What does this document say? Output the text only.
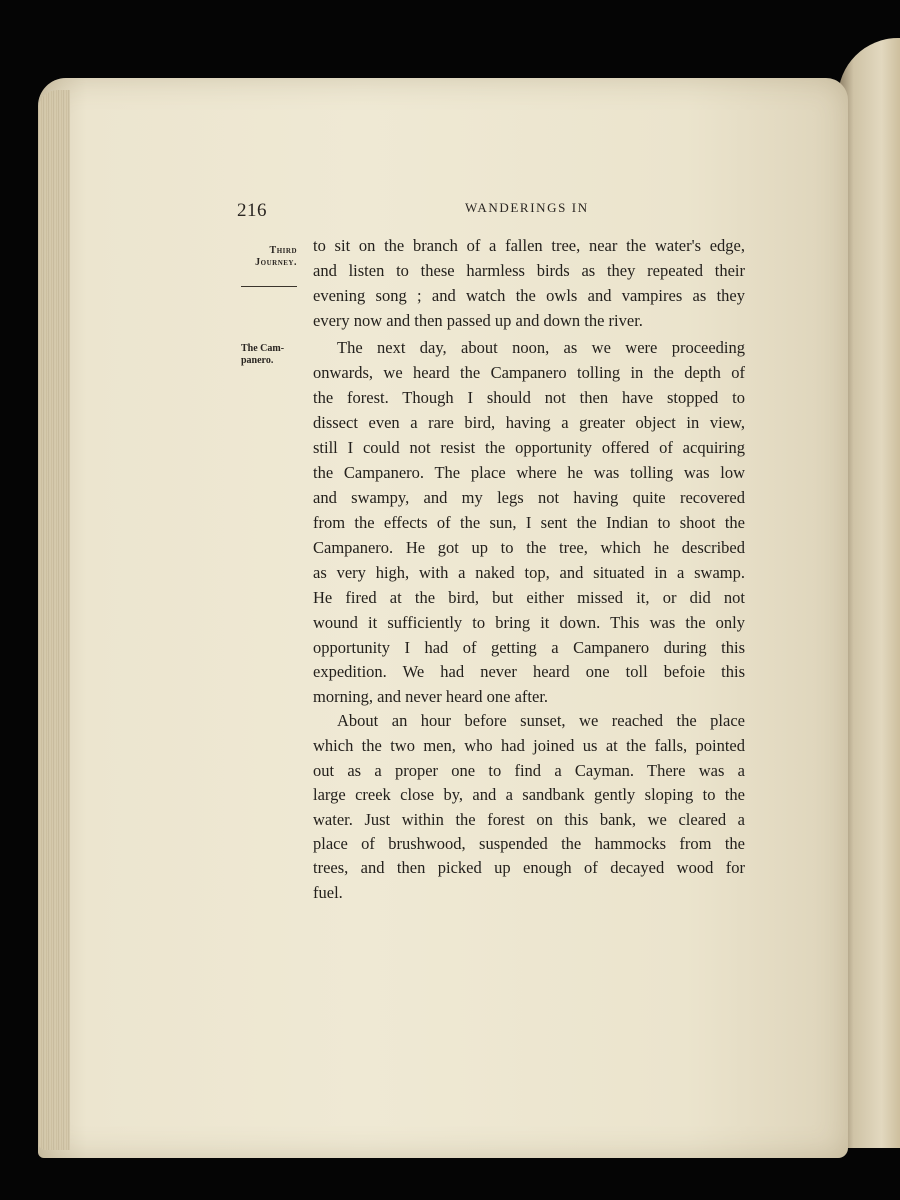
216	WANDERINGS IN
Third
Journey.
The Cam-
panero.
to sit on the branch of a fallen tree, near the water's edge,
and listen to these harmless birds as they repeated their
evening song ; and watch the owls and vampires as they
every now and then passed up and down the river.
The next day, about noon, as we were proceeding
onwards, we heard the Campanero tolling in the depth of
the forest. Though I should not then have stopped to
dissect even a rare bird, having a greater object in view,
still I could not resist the opportunity offered of acquiring
the Campanero. The place where he was tolling was low
and swampy, and my legs not having quite recovered
from the effects of the sun, I sent the Indian to shoot the
Campanero. He got up to the tree, which he described
as very high, with a naked top, and situated in a swamp.
He fired at the bird, but either missed it, or did not
wound it sufficiently to bring it down. This was the only
opportunity I had of getting a Campanero during this
expedition. We had never heard one toll befoie this
morning, and never heard one after.
About an hour before sunset, we reached the place
which the two men, who had joined us at the falls, pointed
out as a proper one to find a Cayman. There was a
large creek close by, and a sandbank gently sloping to the
water. Just within the forest on this bank, we cleared a
place of brushwood, suspended the hammocks from the
trees, and then picked up enough of decayed wood for
fuel.
